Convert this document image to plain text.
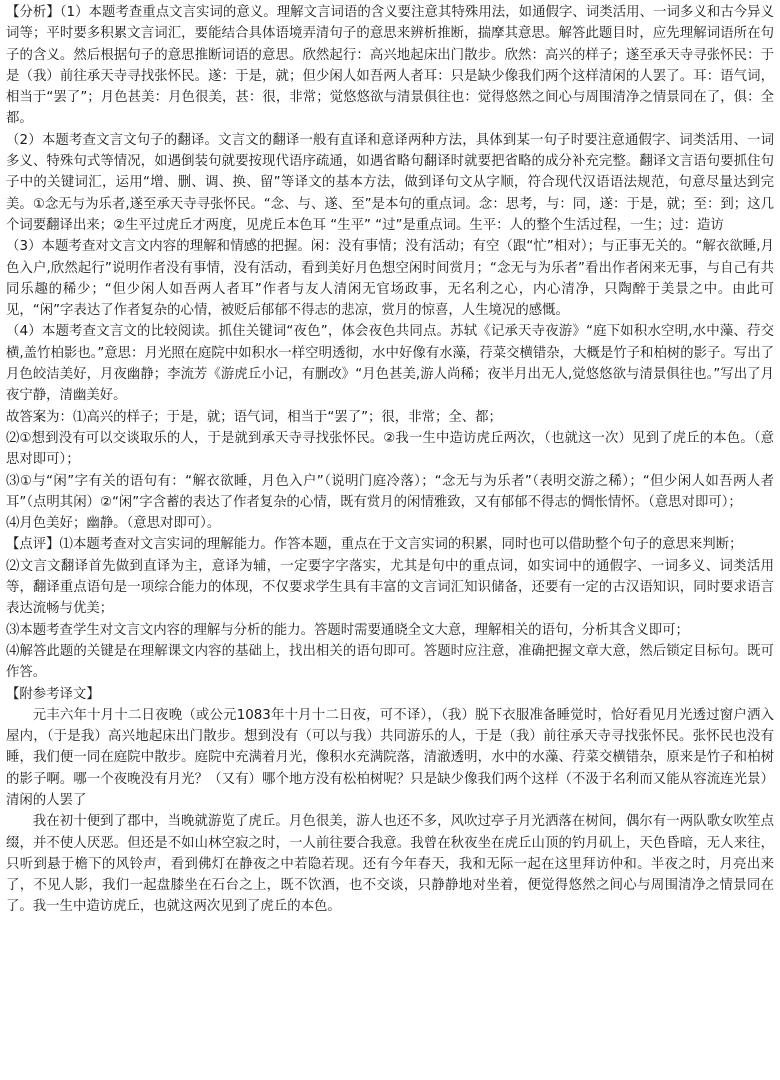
【分析】（1）本题考查重点文言实词的意义。理解文言词语的含义要注意其特殊用法，如通假字、词类活用、一词多义和古今异义词等；平时要多积累文言词汇，要能结合具体语境弄清句子的意思来辨析推断，揣摩其意思。解答此题目时，应先理解词语所在句子的含义。然后根据句子的意思推断词语的意思。欣然起行：高兴地起床出门散步。欣然：高兴的样子；遂至承天寺寻张怀民：于是（我）前往承天寺寻找张怀民。遂：于是，就；但少闲人如吾两人者耳：只是缺少像我们两个这样清闲的人罢了。耳：语气词，相当于“罢了”；月色甚美：月色很美，甚：很，非常；觉悠悠欲与清景俱往也：觉得悠然之间心与周围清净之情景同在了，俱：全都。

（2）本题考查文言文句子的翻译。文言文的翻译一般有直译和意译两种方法，具体到某一句子时要注意通假字、词类活用、一词多义、特殊句式等情况，如遇倒装句就要按现代语序疏通，如遇省略句翻译时就要把省略的成分补充完整。翻译文言语句要抓住句子中的关键词汇，运用“增、删、调、换、留”等译文的基本方法，做到译句文从字顺，符合现代汉语语法规范，句意尽量达到完美。①念无与为乐者,遂至承天寺寻张怀民。“念、与、遂、至”是本句的重点词。念：思考，与：同，遂：于是，就；至：到；这几个词要翻译出来；②生平过虎丘才两度，见虎丘本色耳 “生平” “过”是重点词。生平：人的整个生活过程，一生；过：造访

（3）本题考查对文言文内容的理解和情感的把握。闲：没有事情；没有活动；有空（跟“忙”相对）；与正事无关的。“解衣欲睡,月色入户,欣然起行”说明作者没有事情，没有活动，看到美好月色想空闲时间赏月；“念无与为乐者”看出作者闲来无事，与自己有共同乐趣的稀少；“但少闲人如吾两人者耳”作者与友人清闲无官场政事，无名利之心，内心清净，只陶醉于美景之中。由此可见，“闲”字表达了作者复杂的心情，被贬后郁郁不得志的悲凉，赏月的惊喜，人生境况的感慨。

（4）本题考查文言文的比较阅读。抓住关键词“夜色”，体会夜色共同点。苏轼《记承天寺夜游》“庭下如积水空明,水中藻、荇交横,盖竹柏影也。”意思：月光照在庭院中如积水一样空明透彻，水中好像有水藻，荇菜交横错杂，大概是竹子和柏树的影子。写出了月色皎洁美好，月夜幽静；李流芳《游虎丘小记，有删改》“月色甚美,游人尚稀；夜半月出无人,觉悠悠欲与清景俱往也。”写出了月夜宁静，清幽美好。

故答案为：⑴高兴的样子；于是，就；语气词，相当于“罢了”；很，非常；全、都；

⑵①想到没有可以交谈取乐的人，于是就到承天寺寻找张怀民。②我一生中造访虎丘两次，（也就这一次）见到了虎丘的本色。（意思对即可）；

⑶①与“闲”字有关的语句有：“解衣欲睡，月色入户”（说明门庭冷落）；“念无与为乐者”（表明交游之稀）；“但少闲人如吾两人者耳”（点明其闲）②“闲”字含蓄的表达了作者复杂的心情，既有赏月的闲情雅致，又有郁郁不得志的惆怅情怀。（意思对即可）；

⑷月色美好；幽静。（意思对即可）。

【点评】⑴本题考查对文言实词的理解能力。作答本题，重点在于文言实词的积累，同时也可以借助整个句子的意思来判断；

⑵文言文翻译首先做到直译为主，意译为辅，一定要字字落实，尤其是句中的重点词，如实词中的通假字、一词多义、词类活用等，翻译重点语句是一项综合能力的体现，不仅要求学生具有丰富的文言词汇知识储备，还要有一定的古汉语知识，同时要求语言表达流畅与优美；

⑶本题考查学生对文言文内容的理解与分析的能力。答题时需要通晓全文大意，理解相关的语句，分析其含义即可；

⑷解答此题的关键是在理解课文内容的基础上，找出相关的语句即可。答题时应注意，准确把握文章大意，然后锁定目标句。既可作答。

【附参考译文】

元丰六年十月十二日夜晚（或公元1083年十月十二日夜，可不译），（我）脱下衣服准备睡觉时，恰好看见月光透过窗户洒入屋内，（于是我）高兴地起床出门散步。想到没有（可以与我）共同游乐的人，于是（我）前往承天寺寻找张怀民。张怀民也没有睡，我们便一同在庭院中散步。庭院中充满着月光，像积水充满院落，清澈透明，水中的水藻、荇菜交横错杂，原来是竹子和柏树的影子啊。哪一个夜晚没有月光？（又有）哪个地方没有松柏树呢？只是缺少像我们两个这样（不汲于名利而又能从容流连光景）清闲的人罢了

我在初十便到了郡中，当晚就游览了虎丘。月色很美，游人也还不多，风吹过亭子月光洒落在树间，偶尔有一两队歌女吹笙点缀，并不使人厌恶。但还是不如山林空寂之时，一人前往要合我意。我曾在秋夜坐在虎丘山顶的钓月矶上，天色昏暗，无人来往，只听到悬于檐下的风铃声，看到佛灯在静夜之中若隐若现。还有今年春天，我和无际一起在这里拜访仲和。半夜之时，月亮出来了，不见人影，我们一起盘膝坐在石台之上，既不饮酒，也不交谈，只静静地对坐着，便觉得悠然之间心与周围清净之情景同在了。我一生中造访虎丘，也就这两次见到了虎丘的本色。
